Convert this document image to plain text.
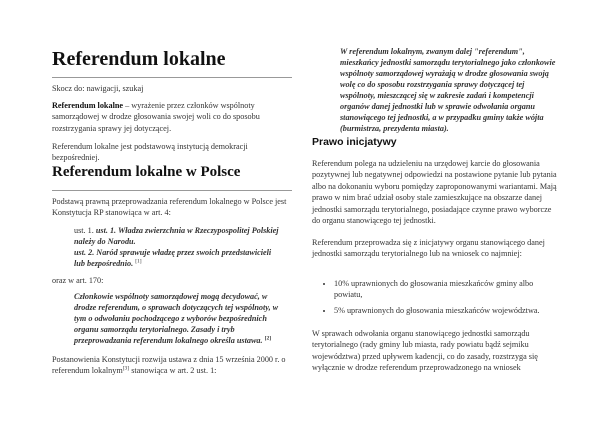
Referendum lokalne

Skocz do: nawigacji, szukaj

Referendum lokalne – wyrażenie przez członków wspólnoty samorządowej w drodze głosowania swojej woli co do sposobu rozstrzygania sprawy jej dotyczącej.

Referendum lokalne jest podstawową instytucją demokracji bezpośredniej.

Referendum lokalne w Polsce

Podstawą prawną przeprowadzania referendum lokalnego w Polsce jest Konstytucja RP stanowiąca w art. 4:

ust. 1. ust. 1. Władza zwierzchnia w Rzeczypospolitej Polskiej należy do Narodu.

ust. 2. Naród sprawuje władzę przez swoich przedstawicieli lub bezpośrednio. [1]

oraz w art. 170:

Członkowie wspólnoty samorządowej mogą decydować, w drodze referendum, o sprawach dotyczących tej wspólnoty, w tym o odwołaniu pochodzącego z wyborów bezpośrednich organu samorządu terytorialnego. Zasady i tryb przeprowadzania referendum lokalnego określa ustawa. [2]

Postanowienia Konstytucji rozwija ustawa z dnia 15 września 2000 r. o referendum lokalnym[3] stanowiąca w art. 2 ust. 1:

W referendum lokalnym, zwanym dalej "referendum", mieszkańcy jednostki samorządu terytorialnego jako członkowie wspólnoty samorządowej wyrażają w drodze głosowania swoją wolę co do sposobu rozstrzygania sprawy dotyczącej tej wspólnoty, mieszczącej się w zakresie zadań i kompetencji organów danej jednostki lub w sprawie odwołania organu stanowiącego tej jednostki, a w przypadku gminy także wójta (burmistrza, prezydenta miasta).

Prawo inicjatywy

Referendum polega na udzieleniu na urzędowej karcie do głosowania pozytywnej lub negatywnej odpowiedzi na postawione pytanie lub pytania albo na dokonaniu wyboru pomiędzy zaproponowanymi wariantami. Mają prawo w nim brać udział osoby stale zamieszkujące na obszarze danej jednostki samorządu terytorialnego, posiadające czynne prawo wyborcze do organu stanowiącego tej jednostki.

Referendum przeprowadza się z inicjatywy organu stanowiącego danej jednostki samorządu terytorialnego lub na wniosek co najmniej:

• 10% uprawnionych do głosowania mieszkańców gminy albo powiatu,
• 5% uprawnionych do głosowania mieszkańców województwa.

W sprawach odwołania organu stanowiącego jednostki samorządu terytorialnego (rady gminy lub miasta, rady powiatu bądź sejmiku województwa) przed upływem kadencji, co do zasady, rozstrzyga się wyłącznie w drodze referendum przeprowadzonego na wniosek
